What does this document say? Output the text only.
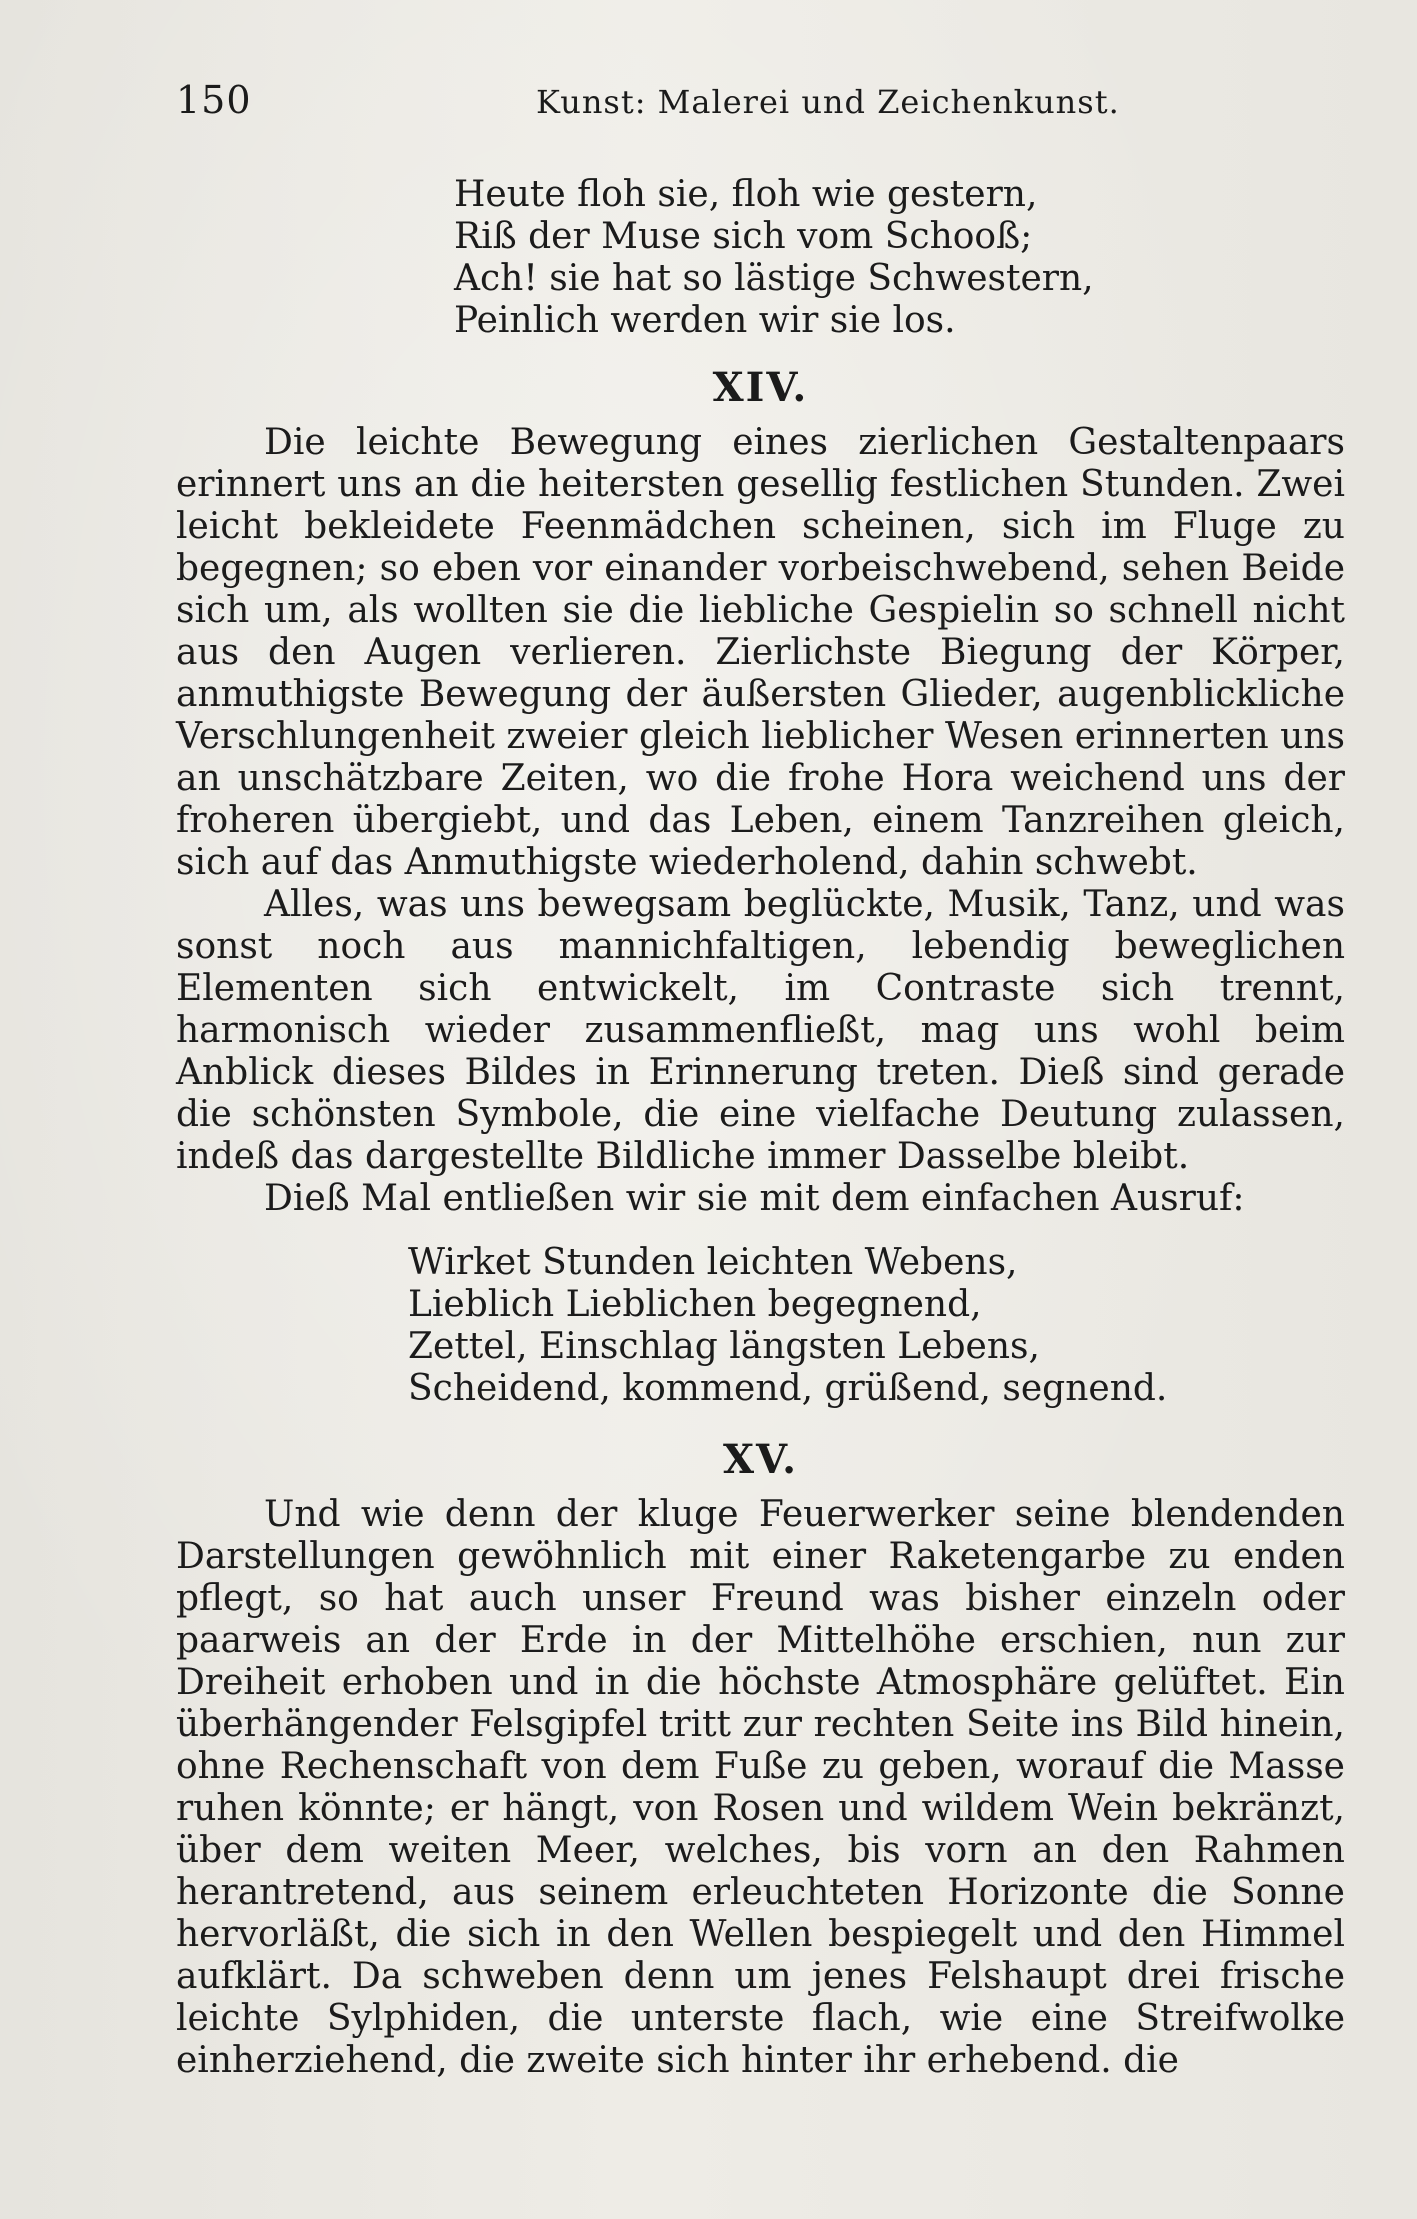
150	Kunst: Malerei und Zeichenkunst.
Heute floh sie, floh wie gestern,
Riß der Muse sich vom Schooß;
Ach! sie hat so lästige Schwestern,
Peinlich werden wir sie los.
XIV.

Die leichte Bewegung eines zierlichen Gestaltenpaars erinnert uns an die heitersten gesellig festlichen Stunden. Zwei leicht bekleidete Feenmädchen scheinen, sich im Fluge zu begegnen; so eben vor einander vorbeischwebend, sehen Beide sich um, als wollten sie die liebliche Gespielin so schnell nicht aus den Augen verlieren. Zierlichste Biegung der Körper, anmuthigste Bewegung der äußersten Glieder, augenblickliche Verschlungenheit zweier gleich lieblicher Wesen erinnerten uns an unschätzbare Zeiten, wo die frohe Hora weichend uns der froheren übergiebt, und das Leben, einem Tanzreihen gleich, sich auf das Anmuthigste wiederholend, dahin schwebt.

Alles, was uns bewegsam beglückte, Musik, Tanz, und was sonst noch aus mannichfaltigen, lebendig beweglichen Elementen sich entwickelt, im Contraste sich trennt, harmonisch wieder zusammenfließt, mag uns wohl beim Anblick dieses Bildes in Erinnerung treten. Dieß sind gerade die schönsten Symbole, die eine vielfache Deutung zulassen, indeß das dargestellte Bildliche immer Dasselbe bleibt.

Dieß Mal entließen wir sie mit dem einfachen Ausruf:

Wirket Stunden leichten Webens,
Lieblich Lieblichen begegnend,
Zettel, Einschlag längsten Lebens,
Scheidend, kommend, grüßend, segnend.
XV.

Und wie denn der kluge Feuerwerker seine blendenden Darstellungen gewöhnlich mit einer Raketengarbe zu enden pflegt, so hat auch unser Freund was bisher einzeln oder paarweis an der Erde in der Mittelhöhe erschien, nun zur Dreiheit erhoben und in die höchste Atmosphäre gelüftet. Ein überhängender Felsgipfel tritt zur rechten Seite ins Bild hinein, ohne Rechenschaft von dem Fuße zu geben, worauf die Masse ruhen könnte; er hängt, von Rosen und wildem Wein bekränzt, über dem weiten Meer, welches, bis vorn an den Rahmen herantretend, aus seinem erleuchteten Horizonte die Sonne hervorläßt, die sich in den Wellen bespiegelt und den Himmel aufklärt. Da schweben denn um jenes Felshaupt drei frische leichte Sylphiden, die unterste flach, wie eine Streifwolke einherziehend, die zweite sich hinter ihr erhebend. die
